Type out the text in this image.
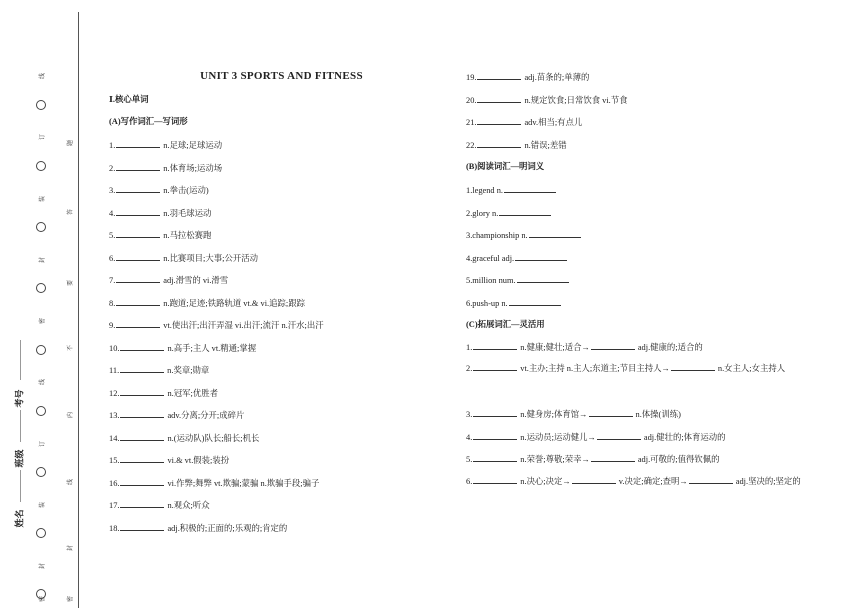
线
订
装
封
密
线
订
装
封
密
题
答
要
不
内
线
封
密
考号
班级
姓名
UNIT 3 SPORTS AND FITNESS
Ⅰ.核心单词
(A)写作词汇—写词形
1.	n.足球;足球运动
2.	n.体育场;运动场
3.	n.拳击(运动)
4.	n.羽毛球运动
5.	n.马拉松赛跑
6.	n.比赛项目;大事;公开活动
7.	adj.滑雪的 vi.滑雪
8.	n.跑道;足迹;铁路轨道 vt.& vi.追踪;跟踪
9.	vt.使出汗;出汗弄湿 vi.出汗;流汗 n.汗水;出汗
10.	n.高手;主人 vt.精通;掌握
11.	n.奖章;勋章
12.	n.冠军;优胜者
13.	adv.分离;分开;成碎片
14.	n.(运动队)队长;船长;机长
15.	vi.& vt.假装;装扮
16.	vi.作弊;舞弊 vt.欺骗;蒙骗 n.欺骗手段;骗子
17.	n.观众;听众
18.	adj.积极的;正面的;乐观的;肯定的
19.	adj.苗条的;单薄的
20.	n.规定饮食;日常饮食 vi.节食
21.	adv.相当;有点儿
22.	n.错误;差错
(B)阅读词汇—明词义
1.legend n.
2.glory n.
3.championship n.
4.graceful adj.
5.million num.
6.push-up n.
(C)拓展词汇—灵活用
1.	n.健康;健壮;适合→	adj.健康的;适合的
2.	vt.主办;主持 n.主人;东道主;节目主持人→	n.女主人;女主持人
3.	n.健身房;体育馆→	n.体操(训练)
4.	n.运动员;运动健儿→	adj.健壮的;体育运动的
5.	n.荣誉;尊敬;荣幸→	adj.可敬的;值得钦佩的
6.	n.决心;决定→	v.决定;确定;查明→	adj.坚决的;坚定的
